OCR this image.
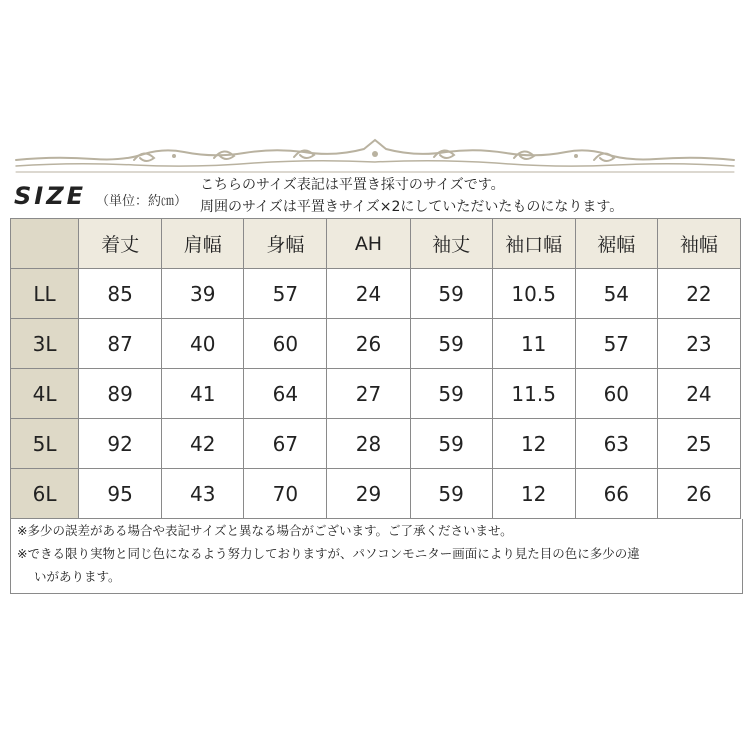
SIZE （単位：約㎝）
こちらのサイズ表記は平置き採寸のサイズです。
周囲のサイズは平置きサイズ×2にしていただいたものになります。
	着丈	肩幅	身幅	AH	袖丈	袖口幅	裾幅	袖幅
LL	85	39	57	24	59	10.5	54	22
3L	87	40	60	26	59	11	57	23
4L	89	41	64	27	59	11.5	60	24
5L	92	42	67	28	59	12	63	25
6L	95	43	70	29	59	12	66	26

※多少の誤差がある場合や表記サイズと異なる場合がございます。ご了承くださいませ。

※できる限り実物と同じ色になるよう努力しておりますが、パソコンモニター画面により見た目の色に多少の違

いがあります。
